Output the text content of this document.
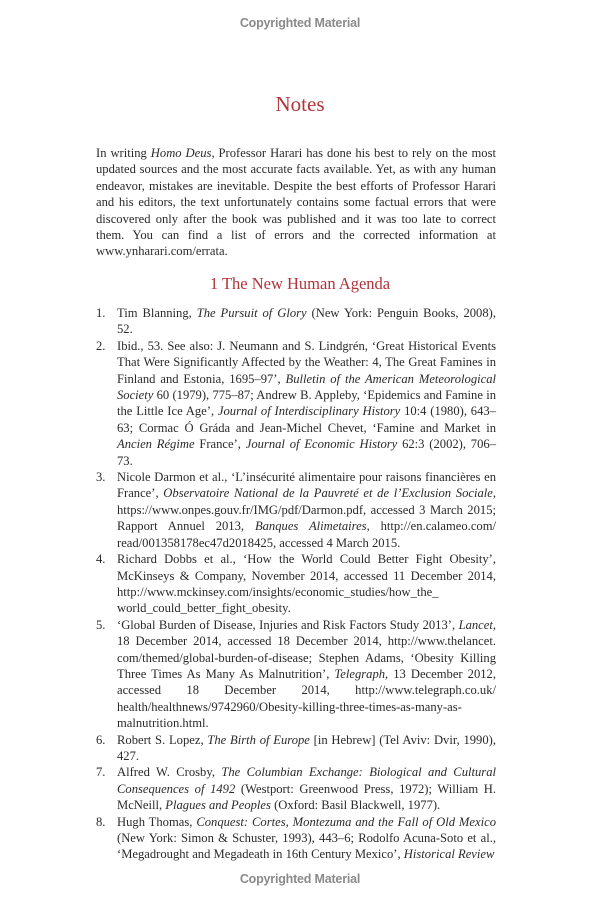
Copyrighted Material
Notes

In writing Homo Deus, Professor Harari has done his best to rely on the most updated sources and the most accurate facts available. Yet, as with any human endeavor, mistakes are inevitable. Despite the best efforts of Professor Harari and his editors, the text unfortunately contains some factual errors that were discovered only after the book was published and it was too late to correct them. You can find a list of errors and the corrected information at www.ynharari.com/errata.

1 The New Human Agenda
1. Tim Blanning, The Pursuit of Glory (New York: Penguin Books, 2008), 52.
2. Ibid., 53. See also: J. Neumann and S. Lindgrén, ‘Great Historical Events That Were Significantly Affected by the Weather: 4, The Great Famines in Finland and Estonia, 1695–97’, Bulletin of the American Meteorological Society 60 (1979), 775–87; Andrew B. Appleby, ‘Epidemics and Famine in the Little Ice Age’, Journal of Interdisciplinary History 10:4 (1980), 643–63; Cormac Ó Gráda and Jean-Michel Chevet, ‘Famine and Market in Ancien Régime France’, Journal of Economic History 62:3 (2002), 706–73.
3. Nicole Darmon et al., ‘L’insécurité alimentaire pour raisons financières en France’, Observatoire National de la Pauvreté et de l’Exclusion Sociale, https://www.onpes.gouv.fr/IMG/pdf/Darmon.pdf, accessed 3 March 2015; Rapport Annuel 2013, Banques Alimetaires, http://en.calameo.com/ read/001358178ec47d2018425, accessed 4 March 2015.
4. Richard Dobbs et al., ‘How the World Could Better Fight Obesity’, McKinseys & Company, November 2014, accessed 11 December 2014, http://www.mckinsey.com/insights/economic_studies/how_the_ world_could_better_fight_obesity.
5. ‘Global Burden of Disease, Injuries and Risk Factors Study 2013’, Lancet, 18 December 2014, accessed 18 December 2014, http://www.thelancet. com/themed/global-burden-of-disease; Stephen Adams, ‘Obesity Killing Three Times As Many As Malnutrition’, Telegraph, 13 December 2012, accessed 18 December 2014, http://www.telegraph.co.uk/ health/healthnews/9742960/Obesity-killing-three-times-as-many-as-malnutrition.html.
6. Robert S. Lopez, The Birth of Europe [in Hebrew] (Tel Aviv: Dvir, 1990), 427.
7. Alfred W. Crosby, The Columbian Exchange: Biological and Cultural Consequences of 1492 (Westport: Greenwood Press, 1972); William H. McNeill, Plagues and Peoples (Oxford: Basil Blackwell, 1977).
8. Hugh Thomas, Conquest: Cortes, Montezuma and the Fall of Old Mexico (New York: Simon & Schuster, 1993), 443–6; Rodolfo Acuna-Soto et al., ‘Megadrought and Megadeath in 16th Century Mexico’, Historical Review
Copyrighted Material
